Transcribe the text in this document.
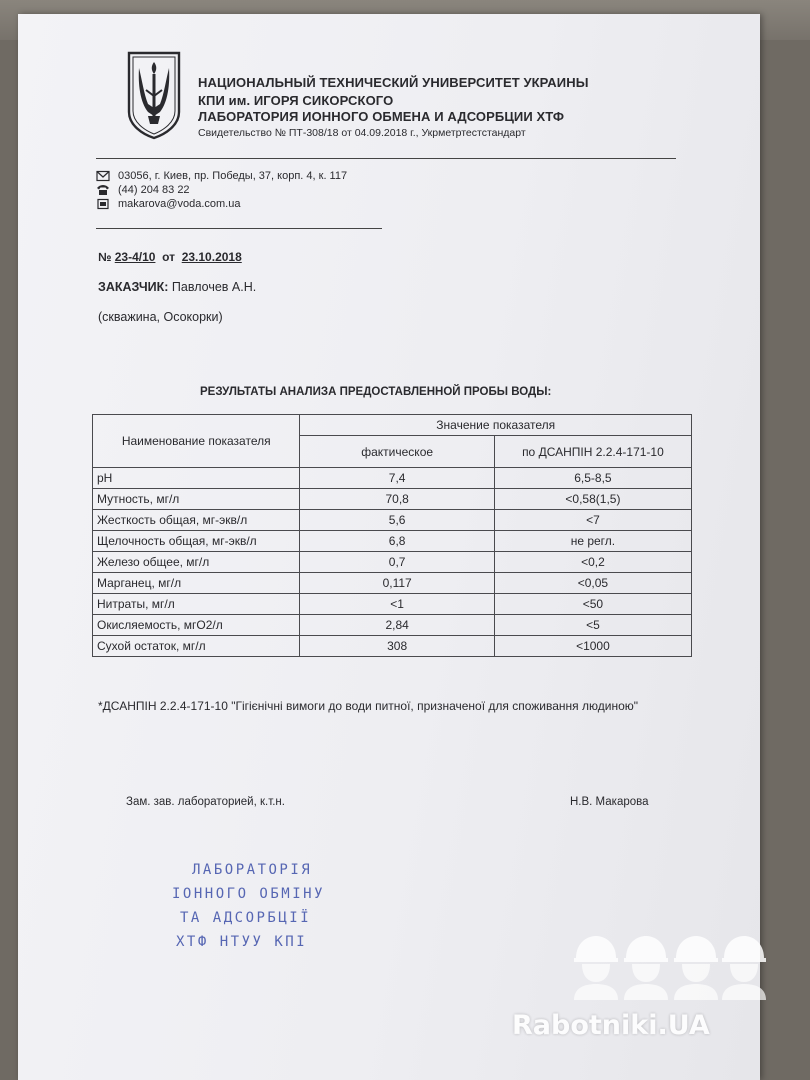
НАЦИОНАЛЬНЫЙ ТЕХНИЧЕСКИЙ УНИВЕРСИТЕТ УКРАИНЫ
КПИ им. ИГОРЯ СИКОРСКОГО
ЛАБОРАТОРИЯ ИОННОГО ОБМЕНА И АДСОРБЦИИ ХТФ
Свидетельство № ПТ-308/18 от 04.09.2018 г., Укрметртестстандарт
03056, г. Киев, пр. Победы, 37, корп. 4, к. 117
(44) 204 83 22
makarova@voda.com.ua
№ 23-4/10 от 23.10.2018
ЗАКАЗЧИК: Павлочев А.Н.
(скважина, Осокорки)
РЕЗУЛЬТАТЫ АНАЛИЗА ПРЕДОСТАВЛЕННОЙ ПРОБЫ ВОДЫ:
Наименование показателя	Значение показателя	
	фактическое	по ДСАНПІН 2.2.4-171-10
pH	7,4	6,5-8,5
Мутность, мг/л	70,8	<0,58(1,5)
Жесткость общая, мг-экв/л	5,6	<7
Щелочность общая, мг-экв/л	6,8	не регл.
Железо общее, мг/л	0,7	<0,2
Марганец, мг/л	0,117	<0,05
Нитраты, мг/л	<1	<50
Окисляемость, мгО2/л	2,84	<5
Сухой остаток, мг/л	308	<1000
*ДСАНПІН 2.2.4-171-10 "Гігієнічні вимоги до води питної, призначеної для споживання людиною"
Зам. зав. лабораторией, к.т.н.	Н.В. Макарова
ЛАБОРАТОРІЯ
ІОННОГО ОБМІНУ
ТА АДСОРБЦІЇ
ХТФ НТУУ КПІ
Rabotniki.UA
